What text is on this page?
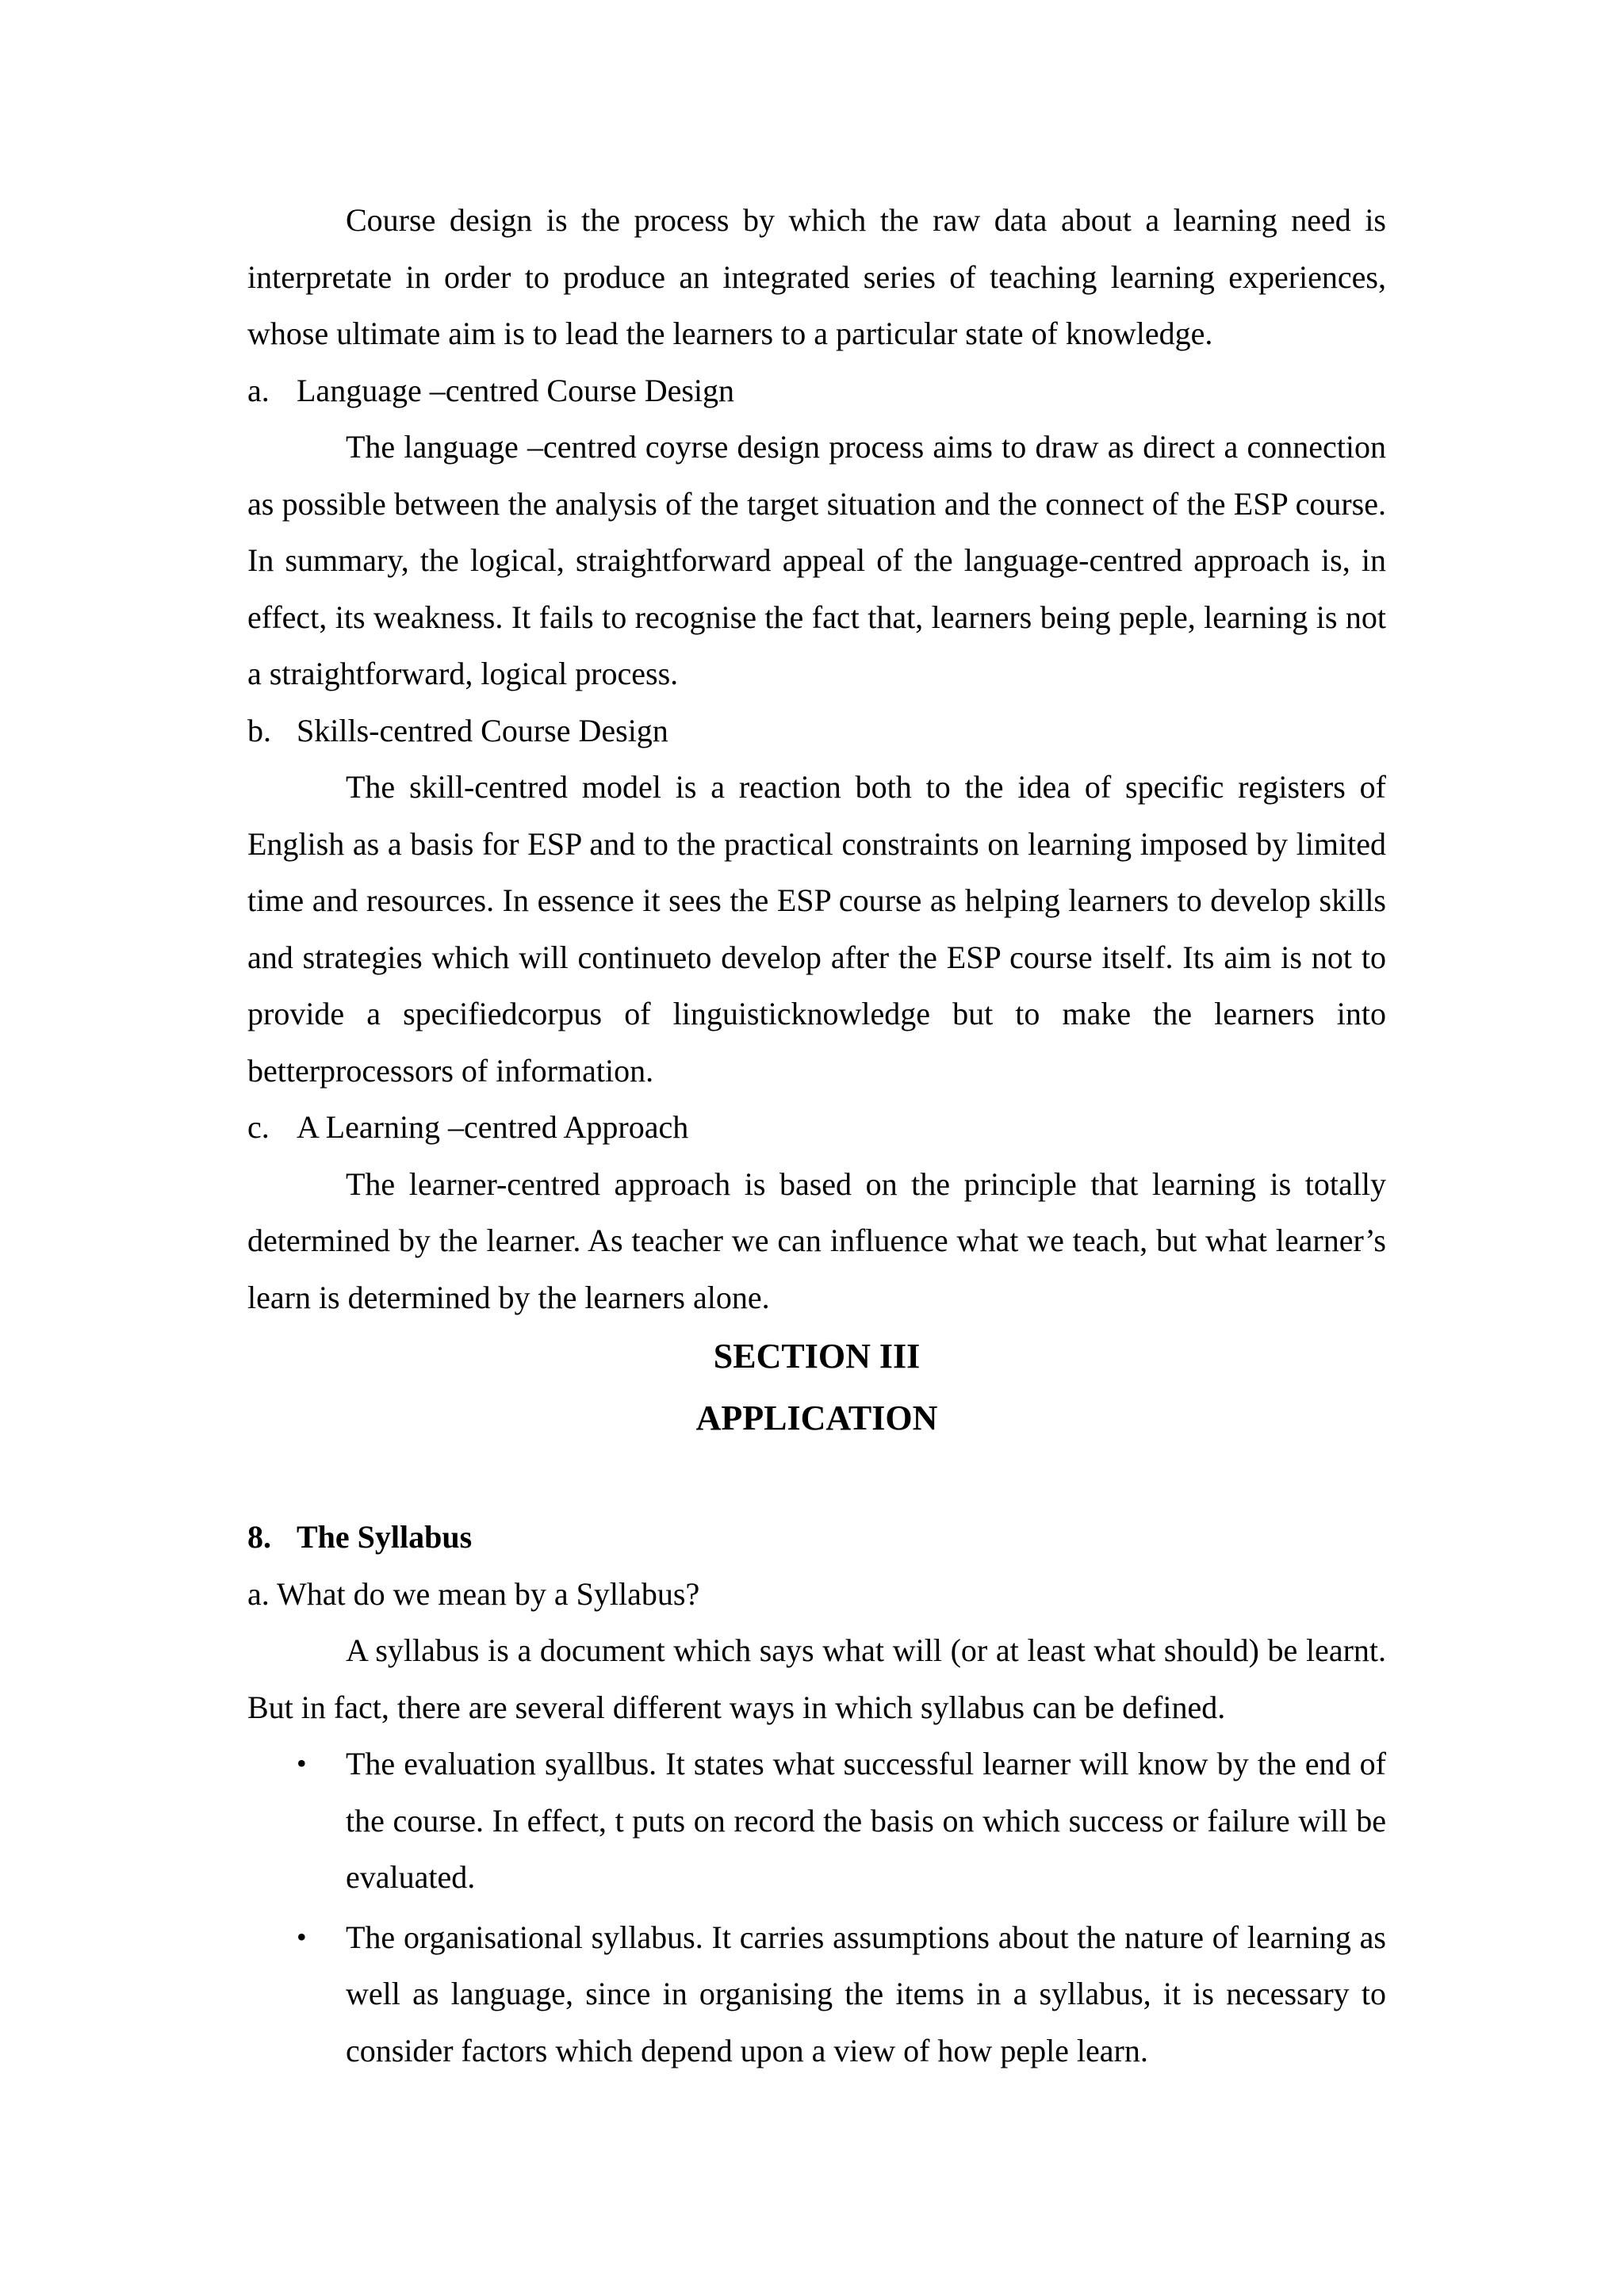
Course design is the process by which the raw data about a learning need is interpretate in order to produce an integrated series of teaching learning experiences, whose ultimate aim is to lead the learners to a particular state of knowledge.

a. Language –centred Course Design

The language –centred coyrse design process aims to draw as direct a connection as possible between the analysis of the target situation and the connect of the ESP course. In summary, the logical, straightforward appeal of the language-centred approach is, in effect, its weakness. It fails to recognise the fact that, learners being peple, learning is not a straightforward, logical process.

b. Skills-centred Course Design

The skill-centred model is a reaction both to the idea of specific registers of English as a basis for ESP and to the practical constraints on learning imposed by limited time and resources. In essence it sees the ESP course as helping learners to develop skills and strategies which will continueto develop after the ESP course itself. Its aim is not to provide a specifiedcorpus of linguisticknowledge but to make the learners into betterprocessors of information.

c. A Learning –centred Approach

The learner-centred approach is based on the principle that learning is totally determined by the learner. As teacher we can influence what we teach, but what learner’s learn is determined by the learners alone.

SECTION III
APPLICATION
8. The Syllabus
a. What do we mean by a Syllabus?

A syllabus is a document which says what will (or at least what should) be learnt. But in fact, there are several different ways in which syllabus can be defined.

• The evaluation syallbus. It states what successful learner will know by the end of the course. In effect, t puts on record the basis on which success or failure will be evaluated.
• The organisational syllabus. It carries assumptions about the nature of learning as well as language, since in organising the items in a syllabus, it is necessary to consider factors which depend upon a view of how peple learn.
